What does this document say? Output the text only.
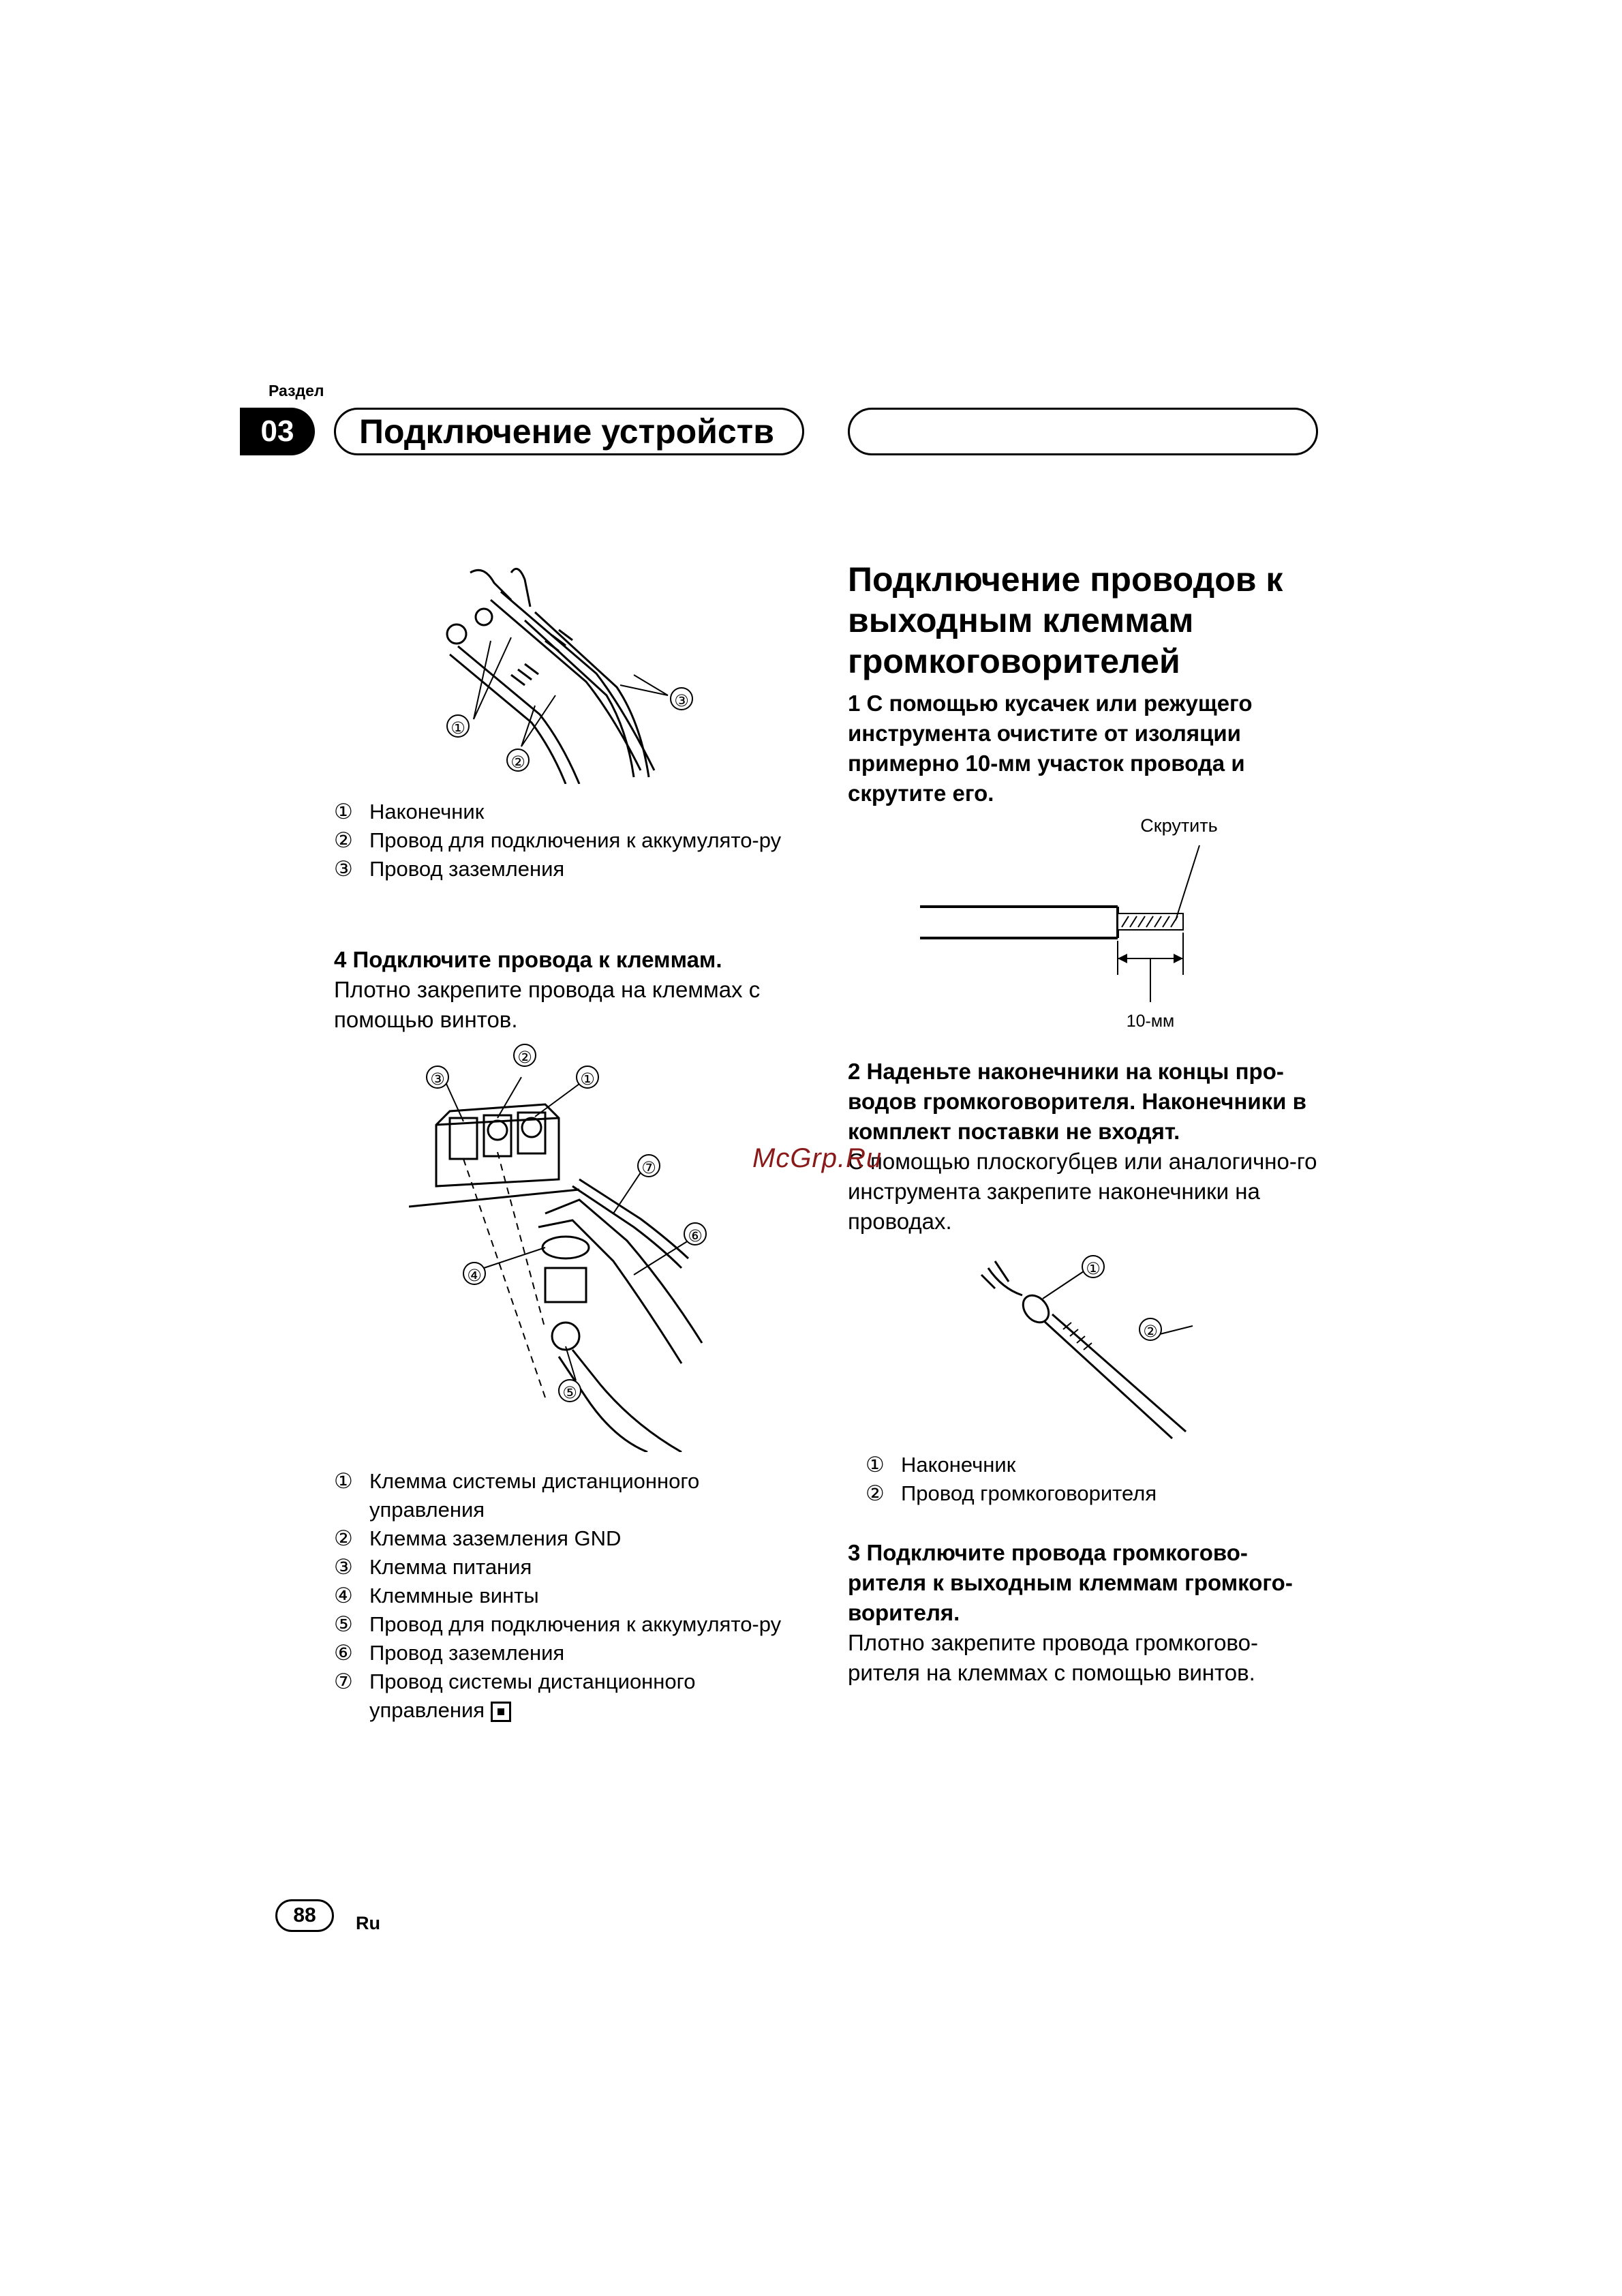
Раздел
03	Подключение устройств
①
②
③
① Наконечник
② Провод для подключения к аккумулято-ру
③ Провод заземления
4 Подключите провода к клеммам.
Плотно закрепите провода на клеммах с помощью винтов.
③
②
①
⑦
⑥
④
⑤
① Клемма системы дистанционного управления
② Клемма заземления GND
③ Клемма питания
④ Клеммные винты
⑤ Провод для подключения к аккумулято-ру
⑥ Провод заземления
⑦ Провод системы дистанционного управления
Подключение проводов к выходным клеммам громкоговорителей
1 С помощью кусачек или режущего инструмента очистите от изоляции примерно 10-мм участок провода и скрутите его.
Скрутить
10-мм
2 Наденьте наконечники на концы про-водов громкоговорителя. Наконечники в комплект поставки не входят.
С помощью плоскогубцев или аналогично-го инструмента закрепите наконечники на проводах.
McGrp.Ru
①
②
① Наконечник
② Провод громкоговорителя
3 Подключите провода громкогово-рителя к выходным клеммам громкого-ворителя.
Плотно закрепите провода громкогово-рителя на клеммах с помощью винтов.
88	Ru
